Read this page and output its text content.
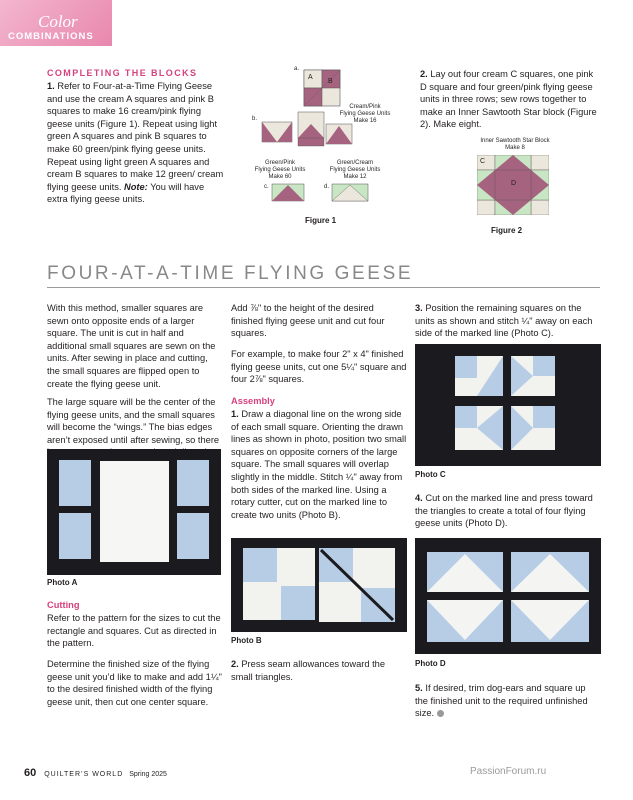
Color
COMBINATIONS
COMPLETING THE BLOCKS
1. Refer to Four-at-a-Time Flying Geese and use the cream A squares and pink B squares to make 16 cream/pink flying geese units (Figure 1). Repeat using light green A squares and pink B squares to make 60 green/pink flying geese units. Repeat using light green A squares and cream B squares to make 12 green/ cream flying geese units. Note: You will have extra flying geese units.
a.
A
B
b.
Cream/Pink
Flying Geese Units
Make 16
Green/Pink
Flying Geese Units
Make 60
Green/Cream
Flying Geese Units
Make 12
c.	d.
Figure 1
2. Lay out four cream C squares, one pink D square and four green/pink flying geese units in three rows; sew rows together to make an Inner Sawtooth Star block (Figure 2). Make eight.
Inner Sawtooth Star Block
Make 8
C
D
Figure 2
FOUR-AT-A-TIME FLYING GEESE
With this method, smaller squares are sewn onto opposite ends of a larger square. The unit is cut in half and additional small squares are sewn on the units. After sewing in place and cutting, the small squares are flipped open to create the flying geese unit.
The large square will be the center of the flying geese units, and the small squares will become the “wings.” The bias edges aren’t exposed until after sewing, so there
Photo A
Cutting
Refer to the pattern for the sizes to cut the rectangle and squares. Cut as directed in the pattern.
Determine the finished size of the flying geese unit you’d like to make and add 1¼" to the desired finished width of the flying geese unit, then cut one center square.
Add ⅞" to the height of the desired finished flying geese unit and cut four squares.
For example, to make four 2" x 4" finished flying geese units, cut one 5¼" square and four 2⅞" squares.
Assembly
1. Draw a diagonal line on the wrong side of each small square. Orienting the drawn lines as shown in photo, position two small squares on opposite corners of the large square. The small squares will overlap slightly in the middle. Stitch ¼" away from both sides of the marked line. Using a rotary cutter, cut on the marked line to create two units (Photo B).
Photo B
2. Press seam allowances toward the small triangles.
3. Position the remaining squares on the units as shown and stitch ¼" away on each side of the marked line (Photo C).
Photo C
4. Cut on the marked line and press toward the triangles to create a total of four flying geese units (Photo D).
Photo D
5. If desired, trim dog-ears and square up the finished unit to the required unfinished size.
60 QUILTER’S WORLD Spring 2025	PassionForum.ru
